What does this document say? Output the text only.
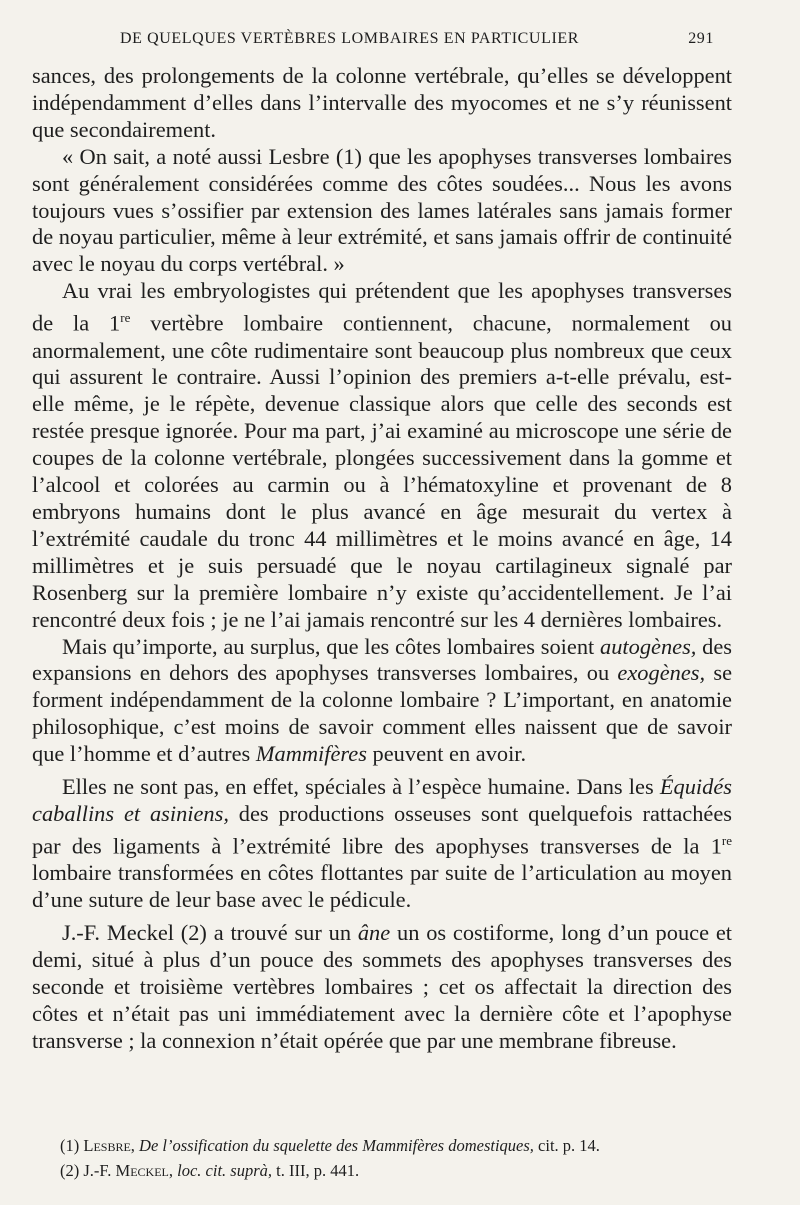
DE QUELQUES VERTÈBRES LOMBAIRES EN PARTICULIER	291

sances, des prolongements de la colonne vertébrale, qu’elles se développent indépendamment d’elles dans l’intervalle des myocomes et ne s’y réunissent que secondairement.

« On sait, a noté aussi Lesbre (1) que les apophyses transverses lombaires sont généralement considérées comme des côtes soudées... Nous les avons toujours vues s’ossifier par extension des lames latérales sans jamais former de noyau particulier, même à leur extrémité, et sans jamais offrir de continuité avec le noyau du corps vertébral. »

Au vrai les embryologistes qui prétendent que les apophyses transverses de la 1re vertèbre lombaire contiennent, chacune, normalement ou anormalement, une côte rudimentaire sont beaucoup plus nombreux que ceux qui assurent le contraire. Aussi l’opinion des premiers a-t-elle prévalu, est-elle même, je le répète, devenue classique alors que celle des seconds est restée presque ignorée. Pour ma part, j’ai examiné au microscope une série de coupes de la colonne vertébrale, plongées successivement dans la gomme et l’alcool et colorées au carmin ou à l’hématoxyline et provenant de 8 embryons humains dont le plus avancé en âge mesurait du vertex à l’extrémité caudale du tronc 44 millimètres et le moins avancé en âge, 14 millimètres et je suis persuadé que le noyau cartilagineux signalé par Rosenberg sur la première lombaire n’y existe qu’accidentellement. Je l’ai rencontré deux fois ; je ne l’ai jamais rencontré sur les 4 dernières lombaires.

Mais qu’importe, au surplus, que les côtes lombaires soient autogènes, des expansions en dehors des apophyses transverses lombaires, ou exogènes, se forment indépendamment de la colonne lombaire ? L’important, en anatomie philosophique, c’est moins de savoir comment elles naissent que de savoir que l’homme et d’autres Mammifères peuvent en avoir.

Elles ne sont pas, en effet, spéciales à l’espèce humaine. Dans les Équidés caballins et asiniens, des productions osseuses sont quelquefois rattachées par des ligaments à l’extrémité libre des apophyses transverses de la 1re lombaire transformées en côtes flottantes par suite de l’articulation au moyen d’une suture de leur base avec le pédicule.

J.-F. Meckel (2) a trouvé sur un âne un os costiforme, long d’un pouce et demi, situé à plus d’un pouce des sommets des apophyses transverses des seconde et troisième vertèbres lombaires ; cet os affectait la direction des côtes et n’était pas uni immédiatement avec la dernière côte et l’apophyse transverse ; la connexion n’était opérée que par une membrane fibreuse.

(1) Lesbre, De l’ossification du squelette des Mammifères domestiques, cit. p. 14.
(2) J.-F. Meckel, loc. cit. suprà, t. III, p. 441.
